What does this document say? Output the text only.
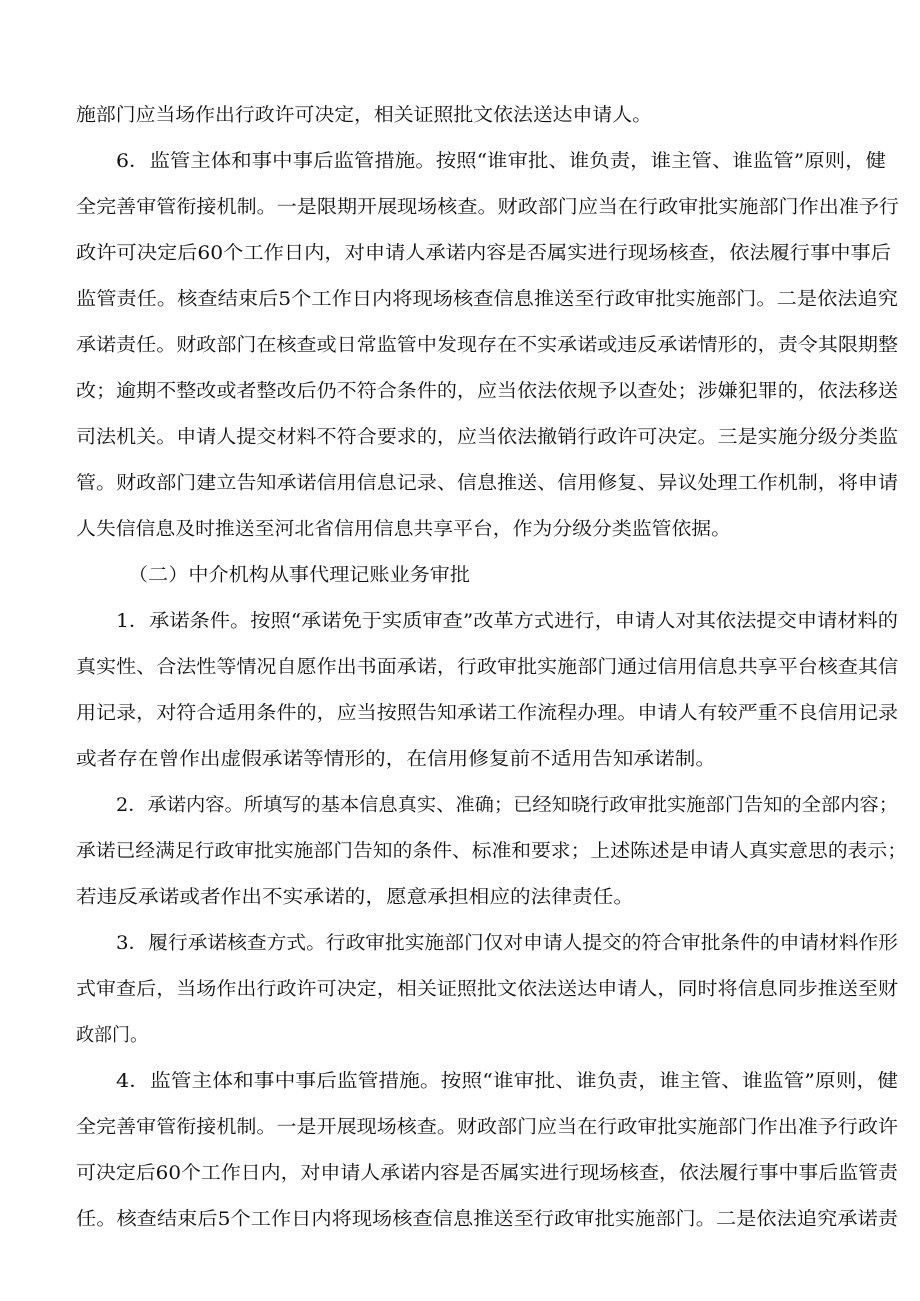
施部门应当场作出行政许可决定，相关证照批文依法送达申请人。
6．监管主体和事中事后监管措施。按照“谁审批、谁负责，谁主管、谁监管”原则，健
全完善审管衔接机制。一是限期开展现场核查。财政部门应当在行政审批实施部门作出准予行
政许可决定后60个工作日内，对申请人承诺内容是否属实进行现场核查，依法履行事中事后
监管责任。核查结束后5个工作日内将现场核查信息推送至行政审批实施部门。二是依法追究
承诺责任。财政部门在核查或日常监管中发现存在不实承诺或违反承诺情形的，责令其限期整
改；逾期不整改或者整改后仍不符合条件的，应当依法依规予以查处；涉嫌犯罪的，依法移送
司法机关。申请人提交材料不符合要求的，应当依法撤销行政许可决定。三是实施分级分类监
管。财政部门建立告知承诺信用信息记录、信息推送、信用修复、异议处理工作机制，将申请
人失信信息及时推送至河北省信用信息共享平台，作为分级分类监管依据。
（二）中介机构从事代理记账业务审批
1．承诺条件。按照“承诺免于实质审查”改革方式进行，申请人对其依法提交申请材料的
真实性、合法性等情况自愿作出书面承诺，行政审批实施部门通过信用信息共享平台核查其信
用记录，对符合适用条件的，应当按照告知承诺工作流程办理。申请人有较严重不良信用记录
或者存在曾作出虚假承诺等情形的，在信用修复前不适用告知承诺制。
2．承诺内容。所填写的基本信息真实、准确；已经知晓行政审批实施部门告知的全部内容；
承诺已经满足行政审批实施部门告知的条件、标准和要求；上述陈述是申请人真实意思的表示；
若违反承诺或者作出不实承诺的，愿意承担相应的法律责任。
3．履行承诺核查方式。行政审批实施部门仅对申请人提交的符合审批条件的申请材料作形
式审查后，当场作出行政许可决定，相关证照批文依法送达申请人，同时将信息同步推送至财
政部门。
4．监管主体和事中事后监管措施。按照“谁审批、谁负责，谁主管、谁监管”原则，健
全完善审管衔接机制。一是开展现场核查。财政部门应当在行政审批实施部门作出准予行政许
可决定后60个工作日内，对申请人承诺内容是否属实进行现场核查，依法履行事中事后监管责
任。核查结束后5个工作日内将现场核查信息推送至行政审批实施部门。二是依法追究承诺责
